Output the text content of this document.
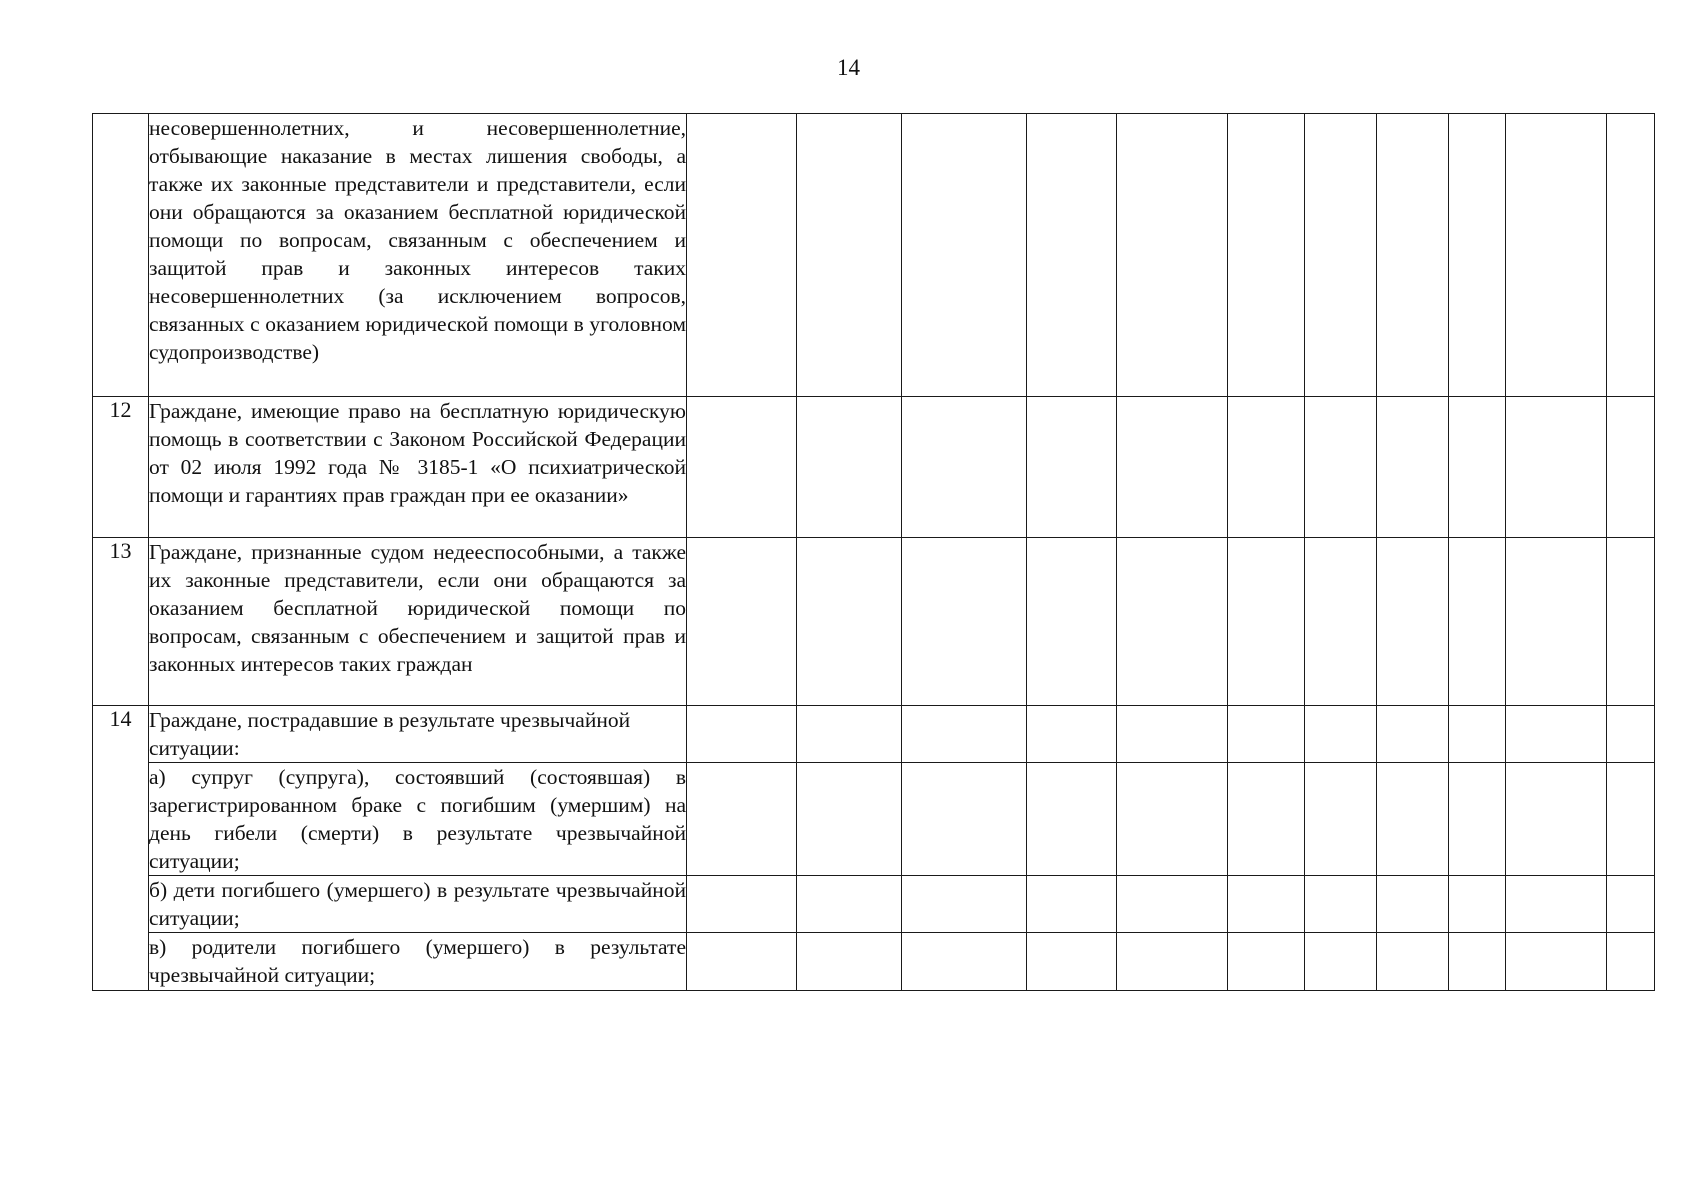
14
	несовершеннолетних, и несовершеннолетние, отбывающие наказание в местах лишения свободы, а также их законные представители и представители, если они обращаются за оказанием бесплатной юридической помощи по вопросам, связанным с обеспечением и защитой прав и законных интересов таких несовершеннолетних (за исключением вопросов, связанных с оказанием юридической помощи в уголовном судопроизводстве)											
12	Граждане, имеющие право на бесплатную юридическую помощь в соответствии с Законом Российской Федерации от 02 июля 1992 года № 3185-1 «О психиатрической помощи и гарантиях прав граждан при ее оказании»											
13	Граждане, признанные судом недееспособными, а также их законные представители, если они обращаются за оказанием бесплатной юридической помощи по вопросам, связанным с обеспечением и защитой прав и законных интересов таких граждан											
14	Граждане, пострадавшие в результате чрезвычайной ситуации:											
	а) супруг (супруга), состоявший (состоявшая) в зарегистрированном браке с погибшим (умершим) на день гибели (смерти) в результате чрезвычайной ситуации;											
	б) дети погибшего (умершего) в результате чрезвычайной ситуации;											
	в) родители погибшего (умершего) в результате чрезвычайной ситуации;											
